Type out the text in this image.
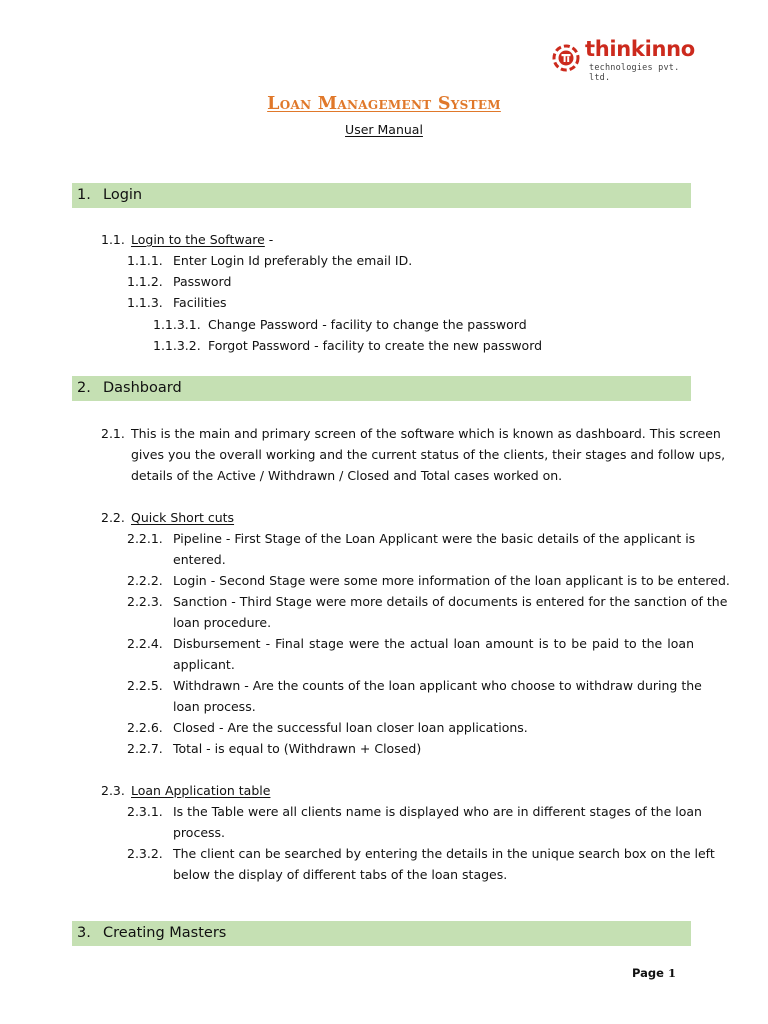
thinkinno
technologies pvt. ltd.
Loan Management System
User Manual
1. Login
1.1. Login to the Software -
1.1.1. Enter Login Id preferably the email ID.
1.1.2. Password
1.1.3. Facilities
1.1.3.1. Change Password - facility to change the password
1.1.3.2. Forgot Password - facility to create the new password
2. Dashboard
2.1. This is the main and primary screen of the software which is known as dashboard. This screen
gives you the overall working and the current status of the clients, their stages and follow ups,
details of the Active / Withdrawn / Closed and Total cases worked on.
2.2. Quick Short cuts
2.2.1. Pipeline - First Stage of the Loan Applicant were the basic details of the applicant is
entered.
2.2.2. Login - Second Stage were some more information of the loan applicant is to be entered.
2.2.3. Sanction - Third Stage were more details of documents is entered for the sanction of the
loan procedure.
2.2.4. Disbursement - Final stage were the actual loan amount is to be paid to the loan
applicant.
2.2.5. Withdrawn - Are the counts of the loan applicant who choose to withdraw during the
loan process.
2.2.6. Closed - Are the successful loan closer loan applications.
2.2.7. Total - is equal to (Withdrawn + Closed)
2.3. Loan Application table
2.3.1. Is the Table were all clients name is displayed who are in different stages of the loan
process.
2.3.2. The client can be searched by entering the details in the unique search box on the left
below the display of different tabs of the loan stages.
3. Creating Masters
Page 1
